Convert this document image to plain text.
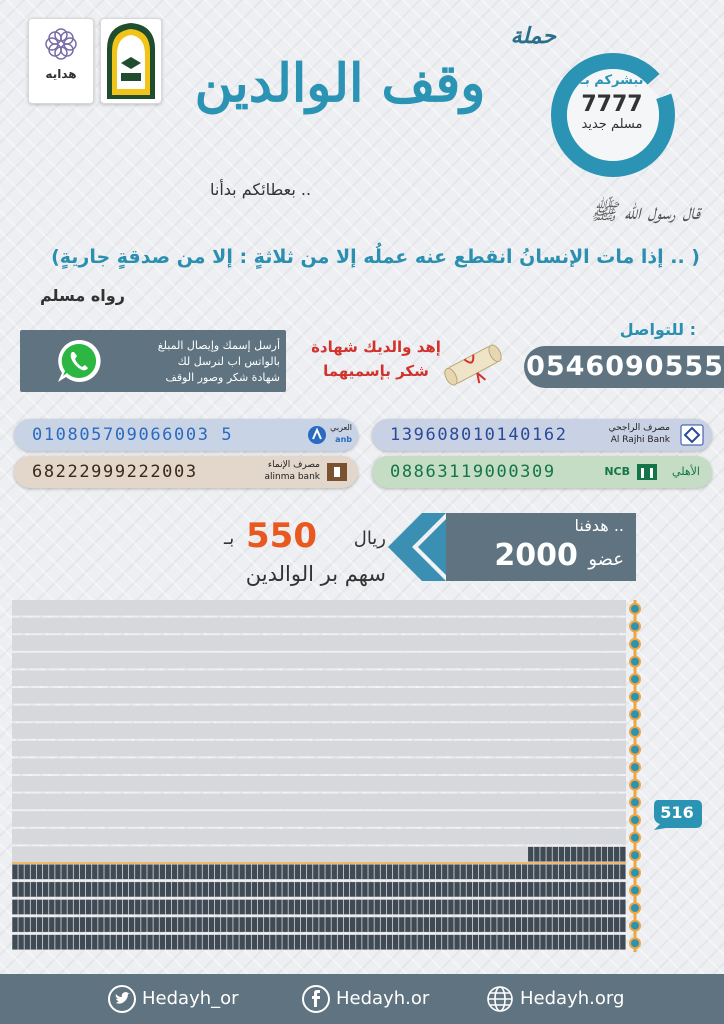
هدايه
حملة
وقف الوالدين
بعطائكم بدأنا ..
نبشركم بـ
7777
مسلم جديد
قال رسول الله ﷺ
(إذا مات الإنسانُ انقطع عنه عملُه إلا من ثلاثةٍ : إلا من صدقةٍ جاريةٍ .. )
رواه مسلم
أرسل إسمك وإيصال المبلغ
بالواتس اب لنرسل لك
شهادة شكر وصور الوقف
إهد والديك شهادة
شكر بإسميهما
للتواصل :
0546090555
139608010140162	مصرف الراجحي
Al Rajhi Bank
010805709066003 5	العربي
anb
08863119000309	NCB	الأهلي
68222999222003	مصرف الإنماء
alinma bank
هدفنا ..
عضو 2000
ريال  بـ 550
سهم بر الوالدين
516
Hedayh_or	Hedayh.or	Hedayh.org
